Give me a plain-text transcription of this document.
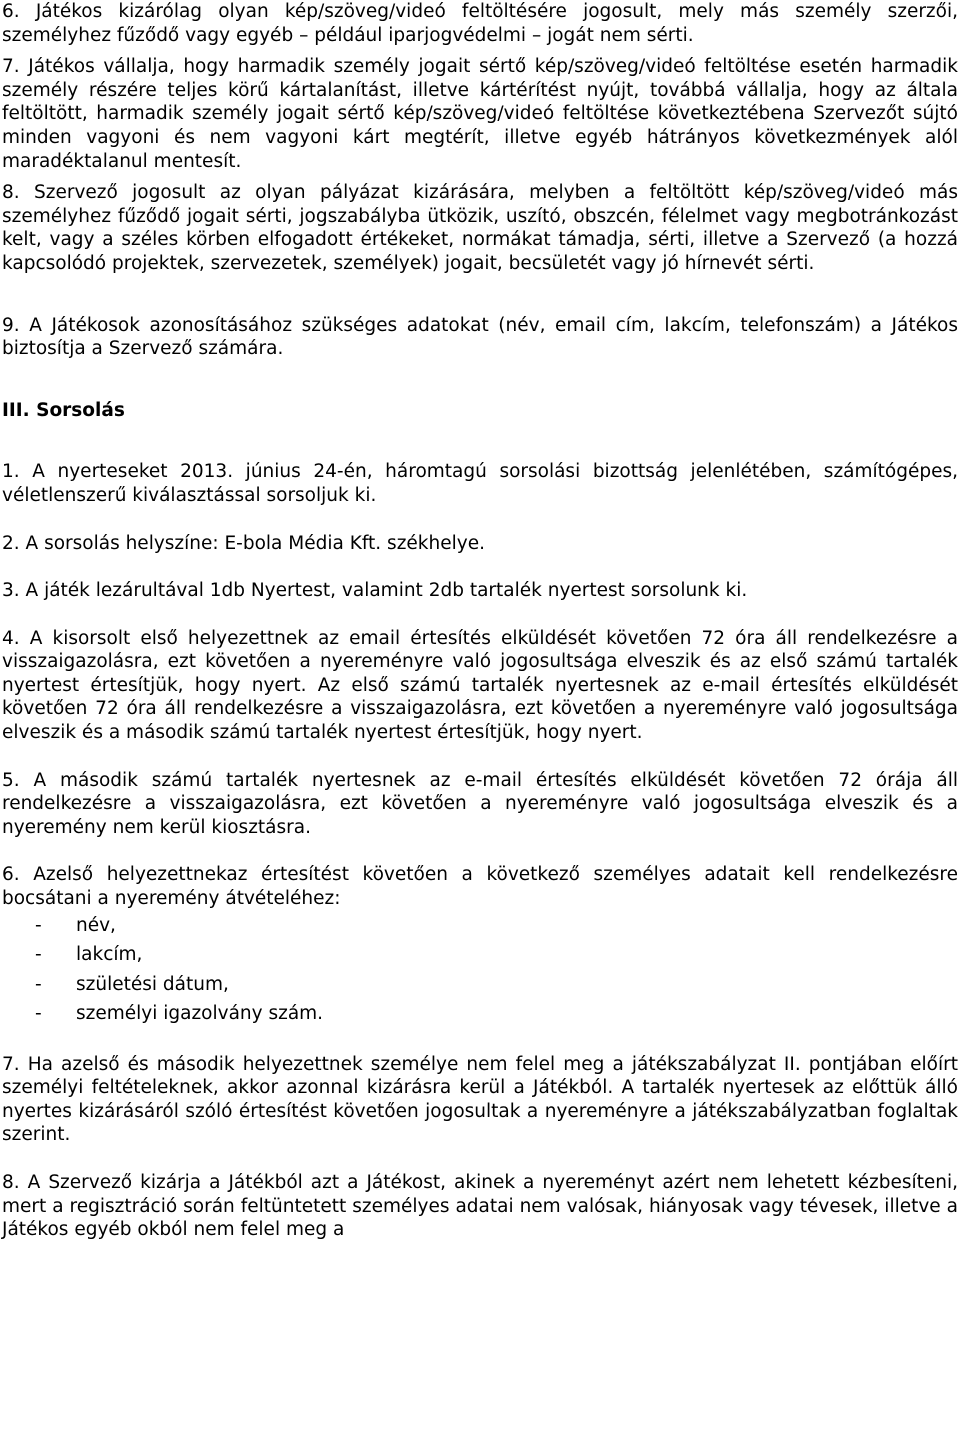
6. Játékos kizárólag olyan kép/szöveg/videó feltöltésére jogosult, mely más személy szerzői, személyhez fűződő vagy egyéb – például iparjogvédelmi – jogát nem sérti.

7. Játékos vállalja, hogy harmadik személy jogait sértő kép/szöveg/videó feltöltése esetén harmadik személy részére teljes körű kártalanítást, illetve kártérítést nyújt, továbbá vállalja, hogy az általa feltöltött, harmadik személy jogait sértő kép/szöveg/videó feltöltése következtébena Szervezőt sújtó minden vagyoni és nem vagyoni kárt megtérít, illetve egyéb hátrányos következmények alól maradéktalanul mentesít.

8. Szervező jogosult az olyan pályázat kizárására, melyben a feltöltött kép/szöveg/videó más személyhez fűződő jogait sérti, jogszabályba ütközik, uszító, obszcén, félelmet vagy megbotránkozást kelt, vagy a széles körben elfogadott értékeket, normákat támadja, sérti, illetve a Szervező (a hozzá kapcsolódó projektek, szervezetek, személyek) jogait, becsületét vagy jó hírnevét sérti.

9. A Játékosok azonosításához szükséges adatokat (név, email cím, lakcím, telefonszám) a Játékos biztosítja a Szervező számára.

III. Sorsolás

1. A nyerteseket 2013. június 24-én, háromtagú sorsolási bizottság jelenlétében, számítógépes, véletlenszerű kiválasztással sorsoljuk ki.

2. A sorsolás helyszíne: E-bola Média Kft. székhelye.

3. A játék lezárultával 1db Nyertest, valamint 2db tartalék nyertest sorsolunk ki.

4. A kisorsolt első helyezettnek az email értesítés elküldését követően 72 óra áll rendelkezésre a visszaigazolásra, ezt követően a nyereményre való jogosultsága elveszik és az első számú tartalék nyertest értesítjük, hogy nyert. Az első számú tartalék nyertesnek az e-mail értesítés elküldését követően 72 óra áll rendelkezésre a visszaigazolásra, ezt követően a nyereményre való jogosultsága elveszik és a második számú tartalék nyertest értesítjük, hogy nyert.

5. A második számú tartalék nyertesnek az e-mail értesítés elküldését követően 72 órája áll rendelkezésre a visszaigazolásra, ezt követően a nyereményre való jogosultsága elveszik és a nyeremény nem kerül kiosztásra.

6. Azelső helyezettnekaz értesítést követően a következő személyes adatait kell rendelkezésre bocsátani a nyeremény átvételéhez:

- név,
- lakcím,
- születési dátum,
- személyi igazolvány szám.

7. Ha azelső és második helyezettnek személye nem felel meg a játékszabályzat II. pontjában előírt személyi feltételeknek, akkor azonnal kizárásra kerül a Játékból. A tartalék nyertesek az előttük álló nyertes kizárásáról szóló értesítést követően jogosultak a nyereményre a játékszabályzatban foglaltak szerint.

8. A Szervező kizárja a Játékból azt a Játékost, akinek a nyereményt azért nem lehetett kézbesíteni, mert a regisztráció során feltüntetett személyes adatai nem valósak, hiányosak vagy tévesek, illetve a Játékos egyéb okból nem felel meg a
